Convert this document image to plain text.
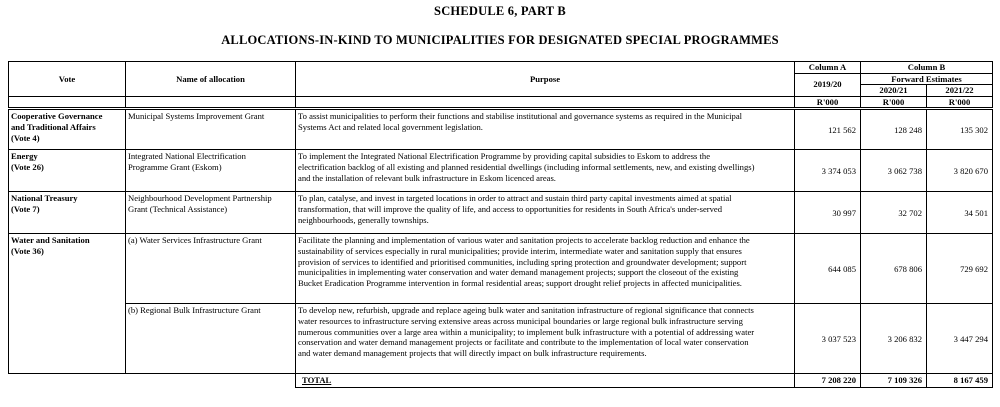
SCHEDULE 6, PART B
ALLOCATIONS-IN-KIND TO MUNICIPALITIES FOR DESIGNATED SPECIAL PROGRAMMES
Vote	Name of allocation	Purpose	Column A	Column B	
			2019/20	Forward Estimates	
				2020/21	2021/22
			R'000	R'000	R'000

Cooperative Governance
and Traditional Affairs
(Vote 4)	Municipal Systems Improvement Grant	To assist municipalities to perform their functions and stabilise institutional and governance systems as required in the Municipal
Systems Act and related local government legislation.	121 562	128 248	135 302

Energy
(Vote 26)	Integrated National Electrification
Programme Grant (Eskom)	To implement the Integrated National Electrification Programme by providing capital subsidies to Eskom to address the
electrification backlog of all existing and planned residential dwellings (including informal settlements, new, and existing dwellings)
and the installation of relevant bulk infrastructure in Eskom licenced areas.	3 374 053	3 062 738	3 820 670

National Treasury
(Vote 7)	Neighbourhood Development Partnership
Grant (Technical Assistance)	To plan, catalyse, and invest in targeted locations in order to attract and sustain third party capital investments aimed at spatial
transformation, that will improve the quality of life, and access to opportunities for residents in South Africa's under-served
neighbourhoods, generally townships.	30 997	32 702	34 501

Water and Sanitation
(Vote 36)	(a) Water Services Infrastructure Grant	Facilitate the planning and implementation of various water and sanitation projects to accelerate backlog reduction and enhance the
sustainability of services especially in rural municipalities; provide interim, intermediate water and sanitation supply that ensures
provision of services to identified and prioritised communities, including spring protection and groundwater development; support
municipalities in implementing water conservation and water demand management projects; support the closeout of the existing
Bucket Eradication Programme intervention in formal residential areas; support drought relief projects in affected municipalities.	644 085	678 806	729 692

	(b) Regional Bulk Infrastructure Grant	To develop new, refurbish, upgrade and replace ageing bulk water and sanitation infrastructure of regional significance that connects
water resources to infrastructure serving extensive areas across municipal boundaries or large regional bulk infrastructure serving
numerous communities over a large area within a municipality; to implement bulk infrastructure with a potential of addressing water
conservation and water demand management projects or facilitate and contribute to the implementation of local water conservation
and water demand management projects that will directly impact on bulk infrastructure requirements.	3 037 523	3 206 832	3 447 294
		TOTAL	7 208 220	7 109 326	8 167 459
